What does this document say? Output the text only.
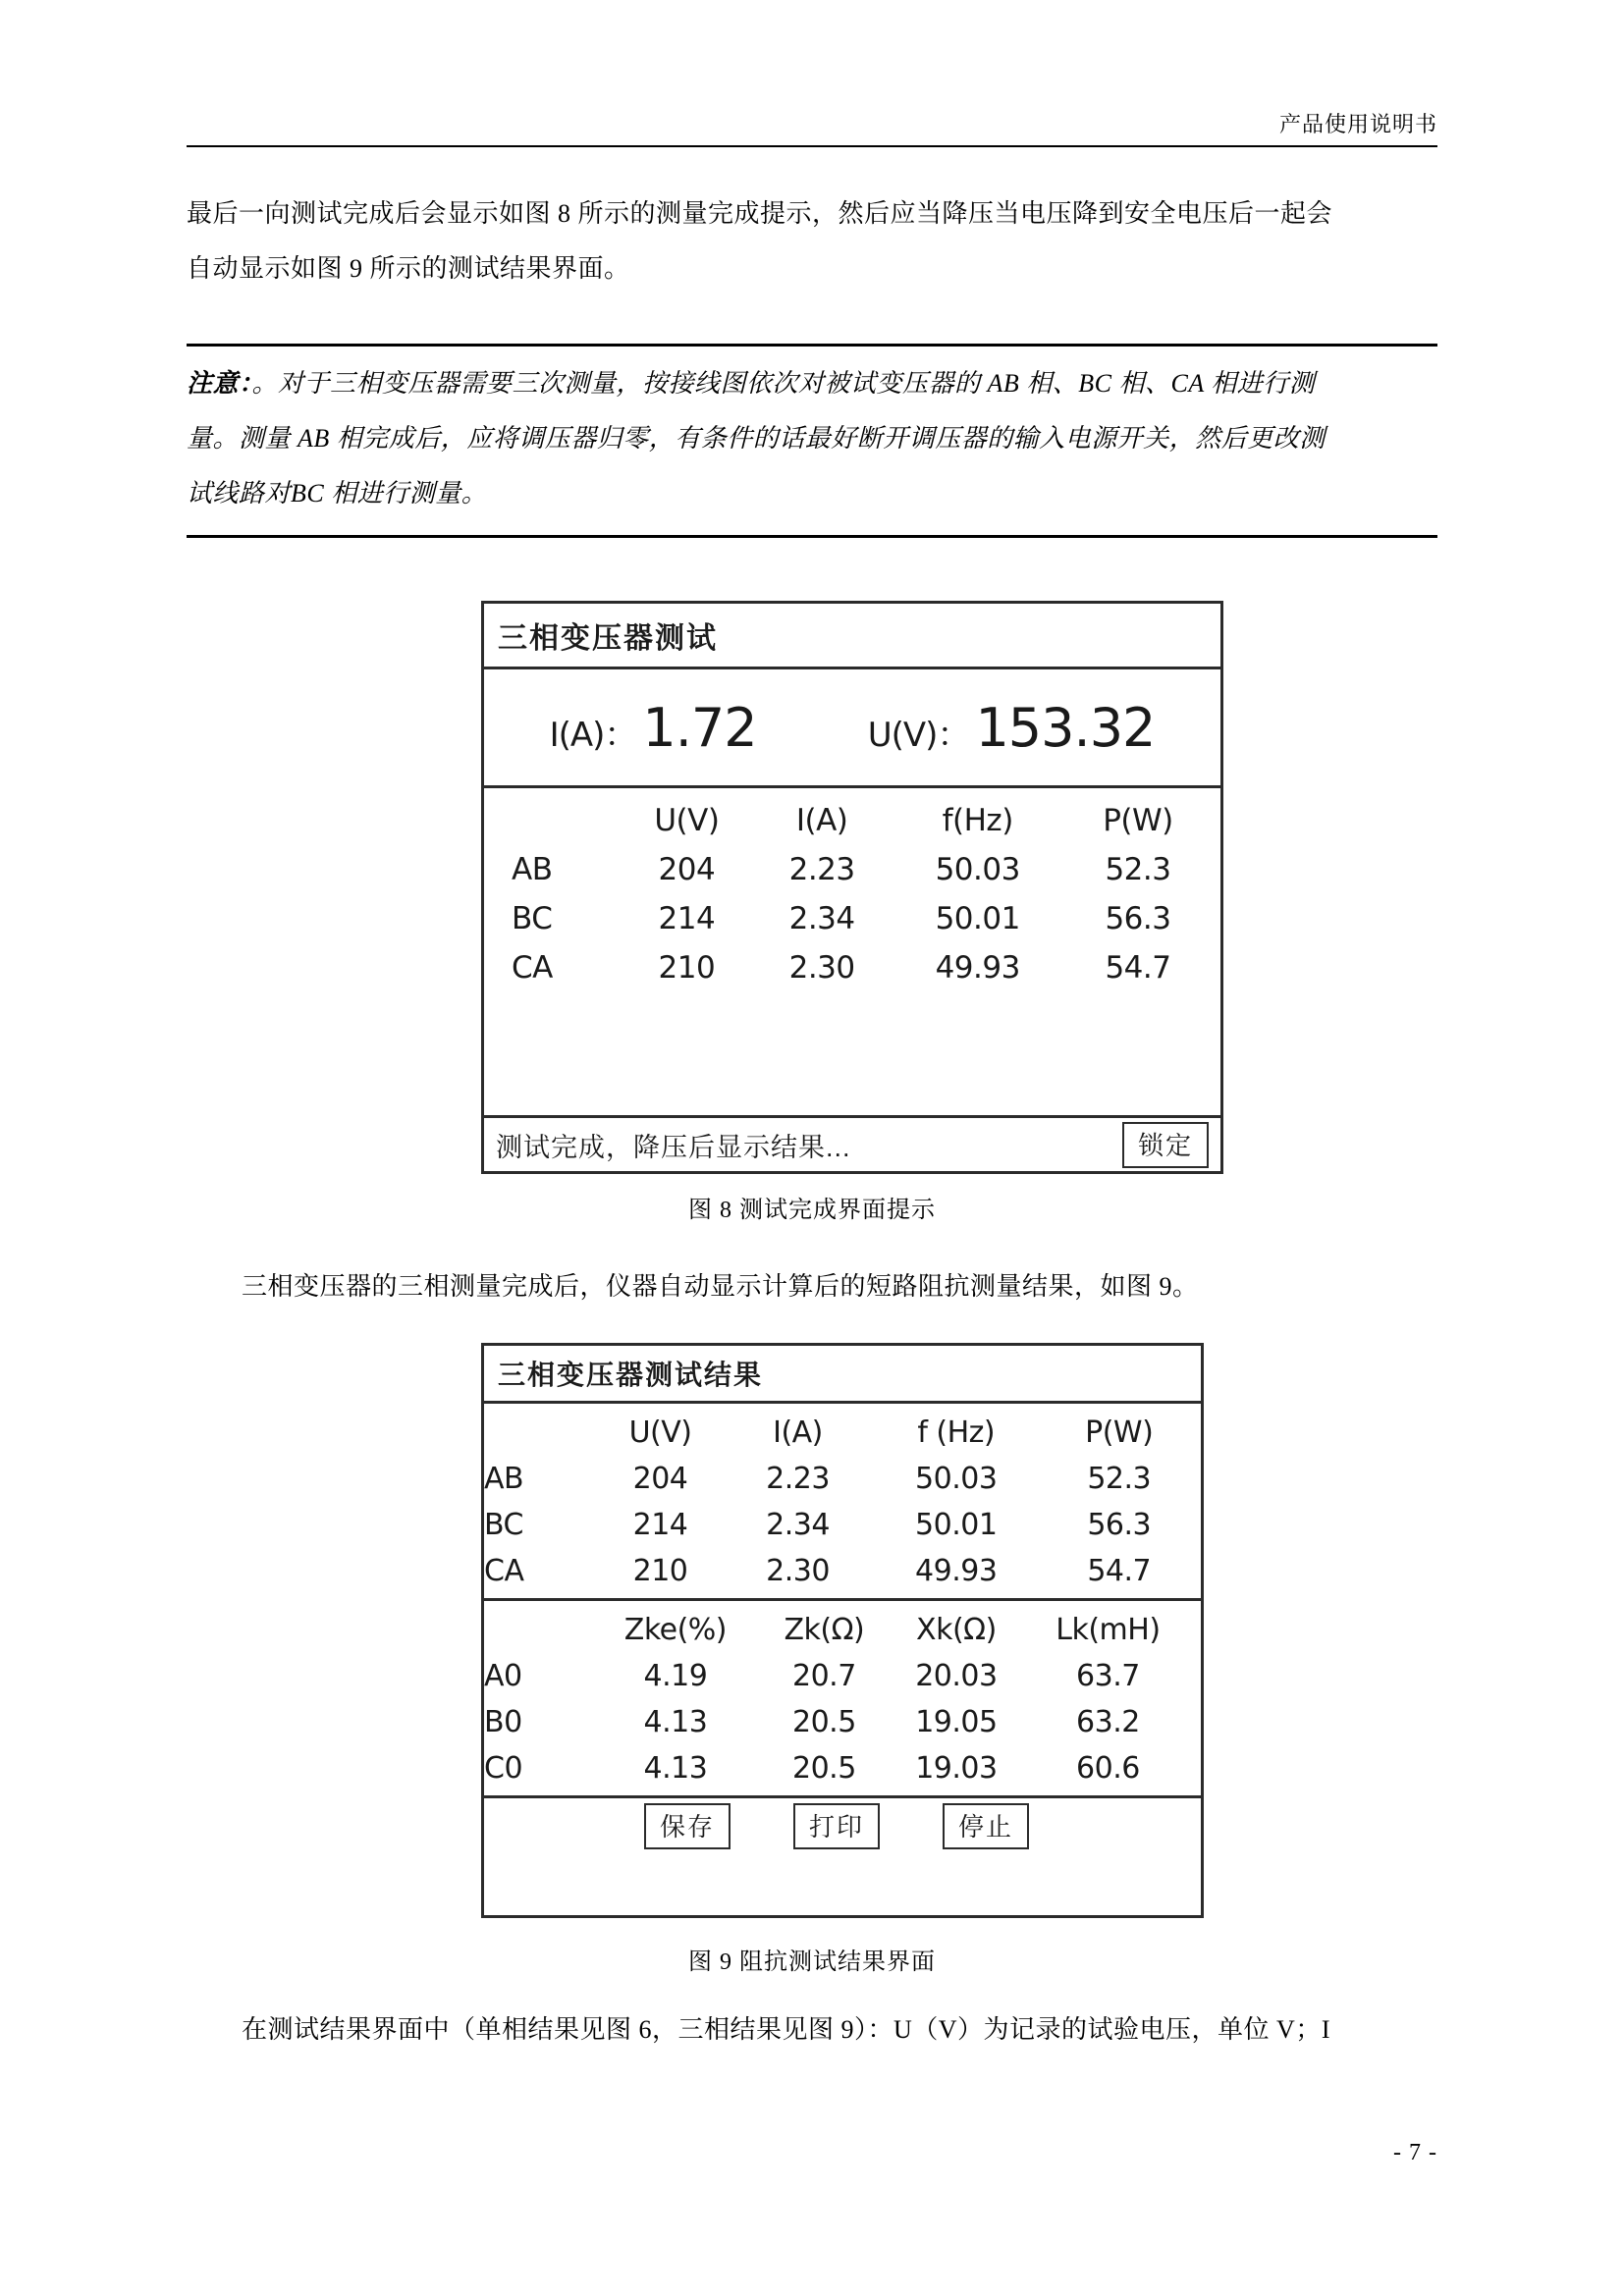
产品使用说明书
最后一向测试完成后会显示如图 8 所示的测量完成提示，然后应当降压当电压降到安全电压后一起会
自动显示如图 9 所示的测试结果界面。
注意：。对于三相变压器需要三次测量，按接线图依次对被试变压器的 AB 相、BC 相、CA 相进行测
量。测量 AB 相完成后，应将调压器归零，有条件的话最好断开调压器的输入电源开关，然后更改测
试线路对BC 相进行测量。
三相变压器测试
I(A)： 1.72	U(V)： 153.32
	U(V)	I(A)	f(Hz)	P(W)
AB	204	2.23	50.03	52.3
BC	214	2.34	50.01	56.3
CA	210	2.30	49.93	54.7
测试完成，降压后显示结果...	锁定
图 8 测试完成界面提示
三相变压器的三相测量完成后，仪器自动显示计算后的短路阻抗测量结果，如图 9。
三相变压器测试结果
	U(V)	I(A)	f (Hz)	P(W)
AB	204	2.23	50.03	52.3
BC	214	2.34	50.01	56.3
CA	210	2.30	49.93	54.7
	Zke(%)	Zk(Ω)	Xk(Ω)	Lk(mH)
A0	4.19	20.7	20.03	63.7
B0	4.13	20.5	19.05	63.2
C0	4.13	20.5	19.03	60.6
保存	打印	停止
图 9 阻抗测试结果界面
在测试结果界面中（单相结果见图 6，三相结果见图 9）：U（V）为记录的试验电压，单位 V；I
- 7 -
